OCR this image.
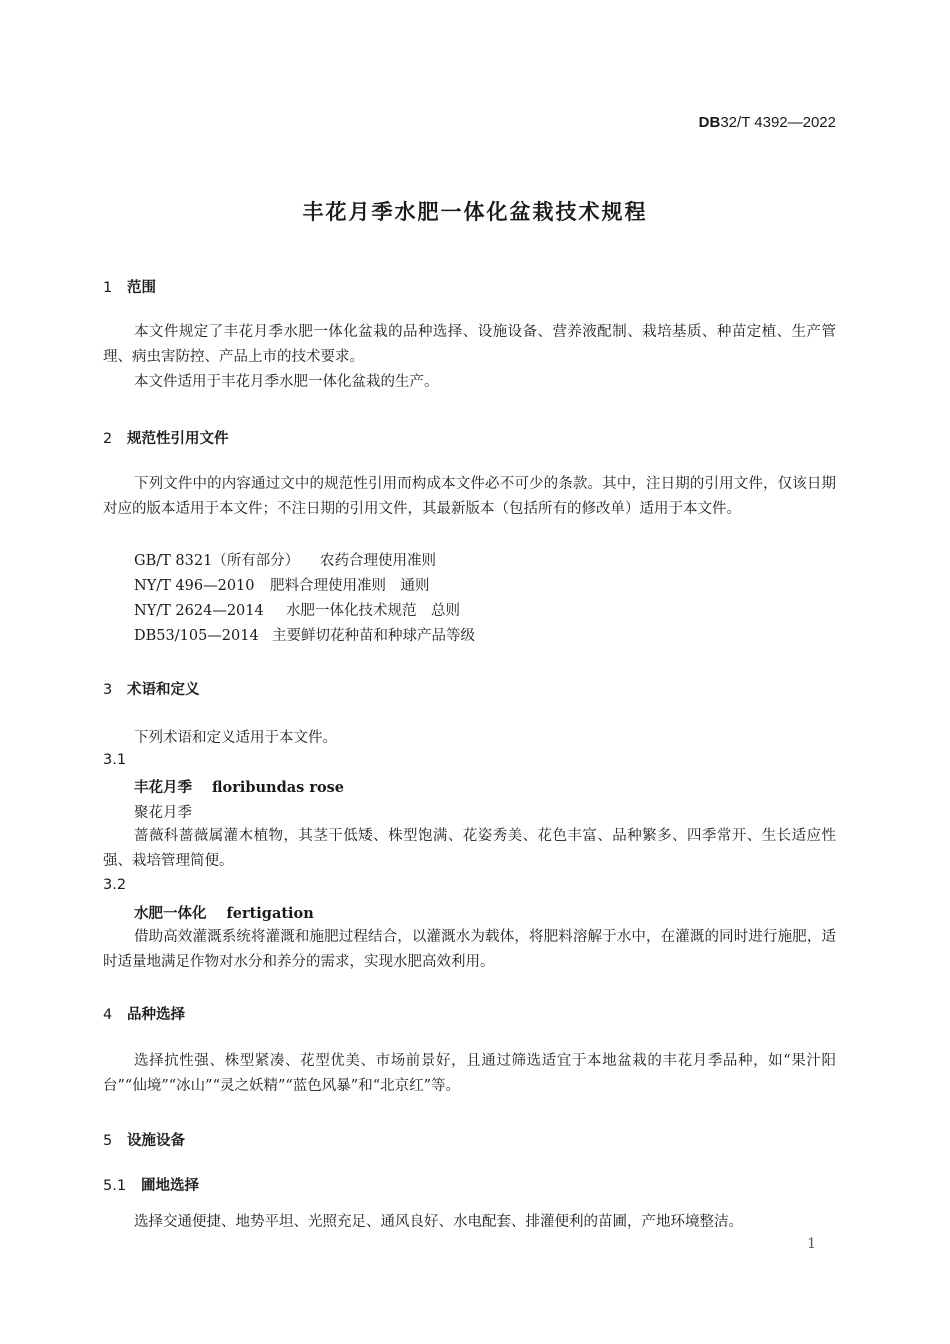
DB32/T 4392—2022
丰花月季水肥一体化盆栽技术规程
1 范围
本文件规定了丰花月季水肥一体化盆栽的品种选择、设施设备、营养液配制、栽培基质、种苗定植、生产管理、病虫害防控、产品上市的技术要求。
本文件适用于丰花月季水肥一体化盆栽的生产。
2 规范性引用文件
下列文件中的内容通过文中的规范性引用而构成本文件必不可少的条款。其中，注日期的引用文件，仅该日期对应的版本适用于本文件；不注日期的引用文件，其最新版本（包括所有的修改单）适用于本文件。
GB/T 8321（所有部分） 农药合理使用准则
NY/T 496—2010 肥料合理使用准则　通则
NY/T 2624—2014 水肥一体化技术规范　总则
DB53/105—2014 主要鲜切花种苗和种球产品等级
3 术语和定义
下列术语和定义适用于本文件。
3.1
丰花月季 floribundas rose
聚花月季
蔷薇科蔷薇属灌木植物，其茎干低矮、株型饱满、花姿秀美、花色丰富、品种繁多、四季常开、生长适应性强、栽培管理简便。
3.2
水肥一体化 fertigation
借助高效灌溉系统将灌溉和施肥过程结合，以灌溉水为载体，将肥料溶解于水中，在灌溉的同时进行施肥，适时适量地满足作物对水分和养分的需求，实现水肥高效利用。
4 品种选择
选择抗性强、株型紧凑、花型优美、市场前景好，且通过筛选适宜于本地盆栽的丰花月季品种，如“果汁阳台”“仙境”“冰山”“灵之妖精”“蓝色风暴”和“北京红”等。
5 设施设备
5.1 圃地选择
选择交通便捷、地势平坦、光照充足、通风良好、水电配套、排灌便利的苗圃，产地环境整洁。
1
